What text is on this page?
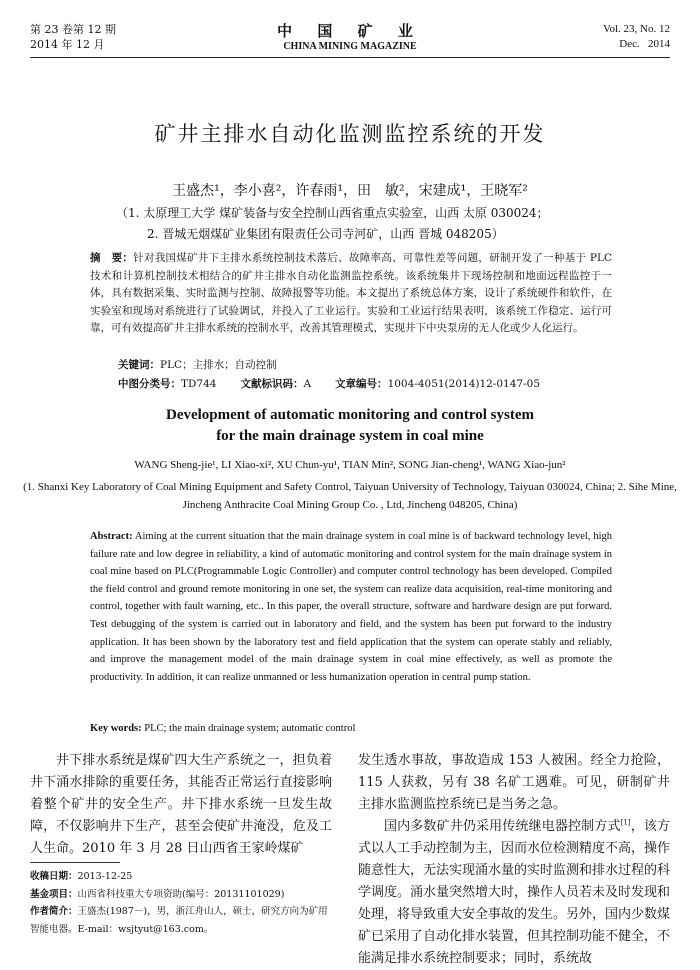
第 23 卷第 12 期
2014 年 12 月
中 国 矿 业
CHINA MINING MAGAZINE
Vol. 23, No. 12
Dec.   2014
矿井主排水自动化监测监控系统的开发
王盛杰¹，李小喜²，许春雨¹，田　敏²，宋建成¹，王晓军²
（1. 太原理工大学 煤矿装备与安全控制山西省重点实验室，山西 太原 030024；
2. 晋城无烟煤矿业集团有限责任公司寺河矿，山西 晋城 048205）
摘　要：针对我国煤矿井下主排水系统控制技术落后、故障率高、可靠性差等问题，研制开发了一种基于 PLC 技术和计算机控制技术相结合的矿井主排水自动化监测监控系统。该系统集井下现场控制和地面远程监控于一体，具有数据采集、实时监测与控制、故障报警等功能。本文提出了系统总体方案，设计了系统硬件和软件，在实验室和现场对系统进行了试验调试，并投入了工业运行。实验和工业运行结果表明，该系统工作稳定、运行可靠，可有效提高矿井主排水系统的控制水平，改善其管理模式，实现井下中央泵房的无人化或少人化运行。
关键词：PLC；主排水；自动控制
中图分类号：TD744 文献标识码：A 文章编号：1004-4051(2014)12-0147-05
Development of automatic monitoring and control system
for the main drainage system in coal mine
WANG Sheng-jie¹, LI Xiao-xi², XU Chun-yu¹, TIAN Min², SONG Jian-cheng¹, WANG Xiao-jun²
(1. Shanxi Key Laboratory of Coal Mining Equipment and Safety Control, Taiyuan University of Technology, Taiyuan 030024, China; 2. Sihe Mine, Jincheng Anthracite Coal Mining Group Co. , Ltd, Jincheng 048205, China)
Abstract: Aiming at the current situation that the main drainage system in coal mine is of backward technology level, high failure rate and low degree in reliability, a kind of automatic monitoring and control system for the main drainage system in coal mine based on PLC(Programmable Logic Controller) and computer control technology has been developed. Compiled the field control and ground remote monitoring in one set, the system can realize data acquisition, real-time monitoring and control, together with fault warning, etc.. In this paper, the overall structure, software and hardware design are put forward. Test debugging of the system is carried out in laboratory and field, and the system has been put forward to the industry application. It has been shown by the laboratory test and field application that the system can operate stably and reliably, and improve the management model of the main drainage system in coal mine effectively, as well as promote the productivity. In addition, it can realize unmanned or less humanization operation in central pump station.
Key words: PLC; the main drainage system; automatic control

井下排水系统是煤矿四大生产系统之一，担负着井下涌水排除的重要任务，其能否正常运行直接影响着整个矿井的安全生产。井下排水系统一旦发生故障，不仅影响井下生产，甚至会使矿井淹没，危及工人生命。2010 年 3 月 28 日山西省王家岭煤矿

收稿日期：2013-12-25
基金项目：山西省科技重大专项资助(编号：20131101029)
作者简介：王盛杰(1987－)，男，浙江舟山人，硕士，研究方向为矿用
智能电器。E-mail：wsjtyut@163.com。

发生透水事故，事故造成 153 人被困。经全力抢险，115 人获救，另有 38 名矿工遇难。可见，研制矿井主排水监测监控系统已是当务之急。

国内多数矿井仍采用传统继电器控制方式[1]，该方式以人工手动控制为主，因而水位检测精度不高，操作随意性大，无法实现涌水量的实时监测和排水过程的科学调度。涌水量突然增大时，操作人员若未及时发现和处理，将导致重大安全事故的发生。另外，国内少数煤矿已采用了自动化排水装置，但其控制功能不健全，不能满足排水系统控制要求；同时，系统故
